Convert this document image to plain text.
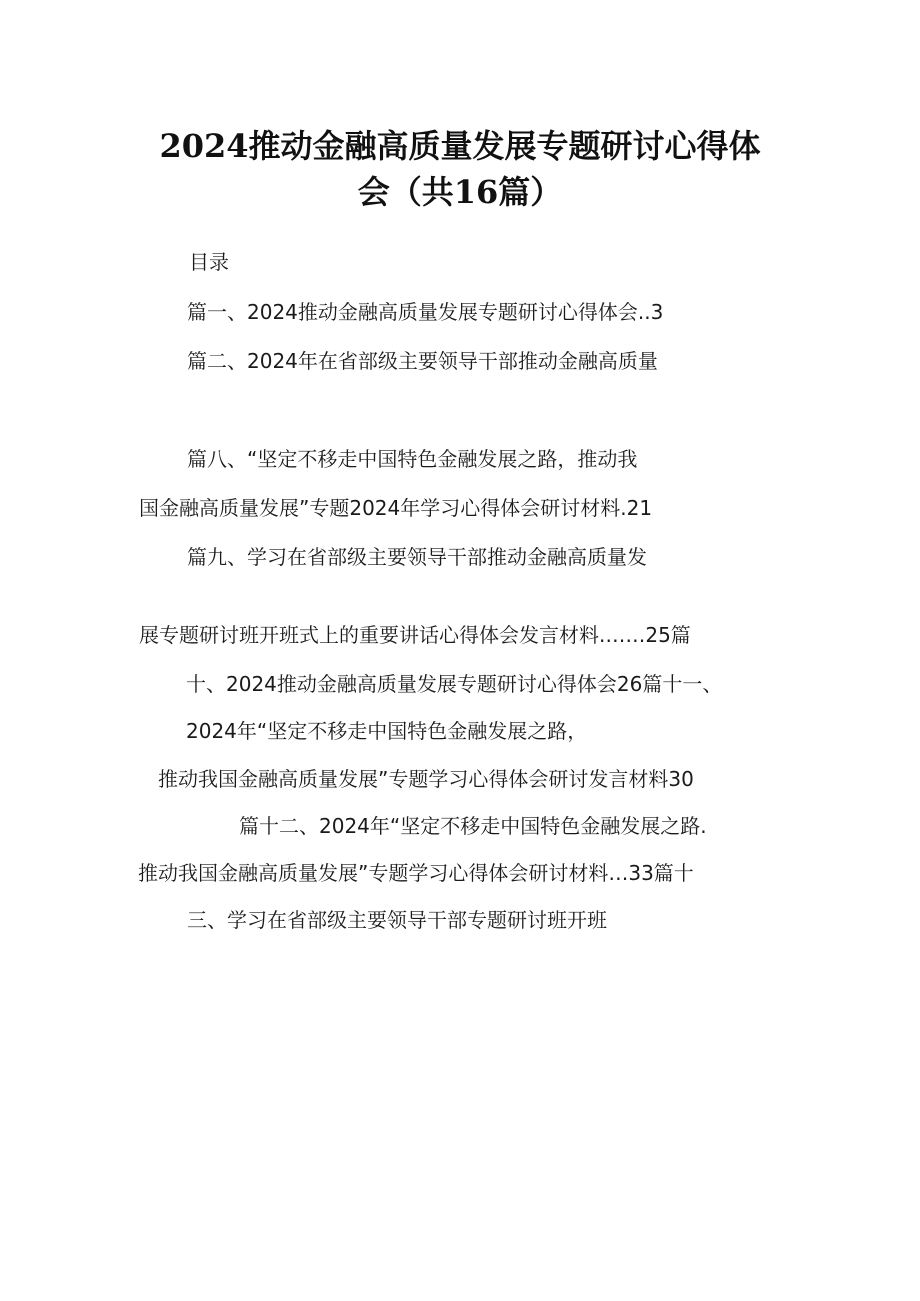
2024推动金融高质量发展专题研讨心得体
会（共16篇）
目录
篇一、2024推动金融高质量发展专题研讨心得体会..3
篇二、2024年在省部级主要领导干部推动金融高质量
篇八、“坚定不移走中国特色金融发展之路，推动我
国金融高质量发展”专题2024年学习心得体会研讨材料.21
篇九、学习在省部级主要领导干部推动金融高质量发
展专题研讨班开班式上的重要讲话心得体会发言材料.……25篇
十、2024推动金融高质量发展专题研讨心得体会26篇十一、
2024年“坚定不移走中国特色金融发展之路，
推动我国金融高质量发展”专题学习心得体会研讨发言材料30
篇十二、2024年“坚定不移走中国特色金融发展之路.
推动我国金融高质量发展”专题学习心得体会研讨材料…33篇十
三、学习在省部级主要领导干部专题研讨班开班
